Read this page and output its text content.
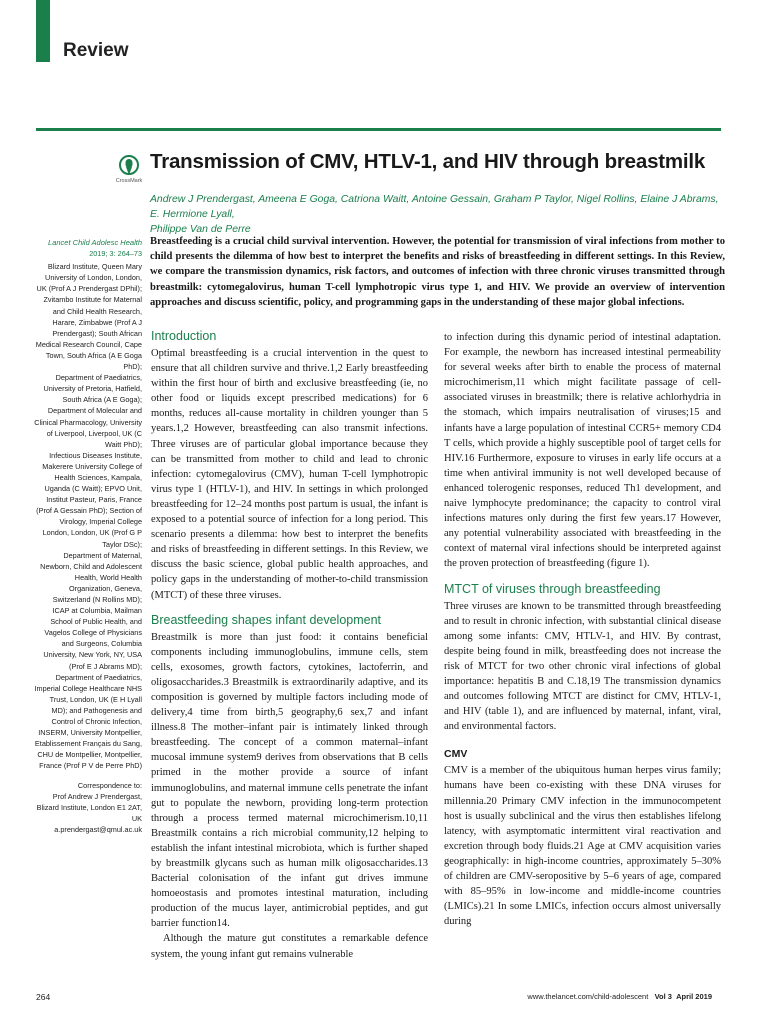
Review
CrossMark
Transmission of CMV, HTLV-1, and HIV through breastmilk
Andrew J Prendergast, Ameena E Goga, Catriona Waitt, Antoine Gessain, Graham P Taylor, Nigel Rollins, Elaine J Abrams, E. Hermione Lyall,
Philippe Van de Perre
Lancet Child Adolesc Health
2019; 3: 264–73
Blizard Institute, Queen Mary University of London, London, UK (Prof A J Prendergast DPhil);
Zvitambo Institute for Maternal and Child Health Research, Harare, Zimbabwe (Prof A J Prendergast); South African Medical Research Council, Cape Town, South Africa (A E Goga PhD);
Department of Paediatrics, University of Pretoria, Hatfield, South Africa (A E Goga);
Department of Molecular and Clinical Pharmacology, University of Liverpool, Liverpool, UK (C Waitt PhD);
Infectious Diseases Institute, Makerere University College of Health Sciences, Kampala, Uganda (C Waitt); EPVO Unit, Institut Pasteur, Paris, France (Prof A Gessain PhD); Section of Virology, Imperial College London, London, UK (Prof G P Taylor DSc);
Department of Maternal, Newborn, Child and Adolescent Health, World Health Organization, Geneva, Switzerland (N Rollins MD);
ICAP at Columbia, Mailman School of Public Health, and Vagelos College of Physicians and Surgeons, Columbia University, New York, NY, USA (Prof E J Abrams MD);
Department of Paediatrics, Imperial College Healthcare NHS Trust, London, UK (E H Lyall MD); and Pathogenesis and Control of Chronic Infection, INSERM, University Montpellier, Etablissement Français du Sang, CHU de Montpellier, Montpellier, France (Prof P V de Perre PhD)
Correspondence to:
Prof Andrew J Prendergast, Blizard Institute, London E1 2AT, UK
a.prendergast@qmul.ac.uk
Breastfeeding is a crucial child survival intervention. However, the potential for transmission of viral infections from mother to child presents the dilemma of how best to interpret the benefits and risks of breastfeeding in different settings. In this Review, we compare the transmission dynamics, risk factors, and outcomes of infection with three chronic viruses transmitted through breastmilk: cytomegalovirus, human T-cell lymphotropic virus type 1, and HIV. We provide an overview of intervention approaches and discuss scientific, policy, and programming gaps in the understanding of these major global infections.
Introduction

Optimal breastfeeding is a crucial intervention in the quest to ensure that all children survive and thrive.1,2 Early breastfeeding within the first hour of birth and exclusive breastfeeding (ie, no other food or liquids except prescribed medications) for 6 months, reduces all-cause mortality in children younger than 5 years.1,2 However, breastfeeding can also transmit infections. Three viruses are of particular global importance because they can be transmitted from mother to child and lead to chronic infection: cytomegalovirus (CMV), human T-cell lymphotropic virus type 1 (HTLV-1), and HIV. In settings in which prolonged breastfeeding for 12–24 months post partum is usual, the infant is exposed to a potential source of infection for a long period. This scenario presents a dilemma: how best to interpret the benefits and risks of breastfeeding in different settings. In this Review, we discuss the basic science, global public health approaches, and policy gaps in the understanding of mother-to-child transmission (MTCT) of these three viruses.

Breastfeeding shapes infant development

Breastmilk is more than just food: it contains beneficial components including immunoglobulins, immune cells, stem cells, exosomes, growth factors, cytokines, lactoferrin, and oligosaccharides.3 Breastmilk is extraordinarily adaptive, and its composition is governed by multiple factors including mode of delivery,4 time from birth,5 geography,6 sex,7 and infant illness.8 The mother–infant pair is intimately linked through breastfeeding. The concept of a common maternal–infant mucosal immune system9 derives from observations that B cells primed in the mother provide a source of infant immunoglobulins, and maternal immune cells penetrate the infant gut to populate the newborn, providing long-term protection through a process termed maternal microchimerism.10,11 Breastmilk contains a rich microbial community,12 helping to establish the infant intestinal microbiota, which is further shaped by breastmilk glycans such as human milk oligosaccharides.13 Bacterial colonisation of the infant gut drives immune homoeostasis and promotes intestinal maturation, including production of the mucus layer, antimicrobial peptides, and gut barrier function14.

Although the mature gut constitutes a remarkable defence system, the young infant gut remains vulnerable

to infection during this dynamic period of intestinal adaptation. For example, the newborn has increased intestinal permeability for several weeks after birth to enable the process of maternal microchimerism,11 which might facilitate passage of cell-associated viruses in breastmilk; there is relative achlorhydria in the stomach, which impairs neutralisation of viruses;15 and infants have a large population of intestinal CCR5+ memory CD4 T cells, which provide a highly susceptible pool of target cells for HIV.16 Furthermore, exposure to viruses in early life occurs at a time when antiviral immunity is not well developed because of enhanced tolerogenic responses, reduced Th1 development, and naive lymphocyte predominance; the capacity to control viral infections matures only during the first few years.17 However, any potential vulnerability associated with breastfeeding in the context of maternal viral infections should be interpreted against the proven protection of breastfeeding (figure 1).

MTCT of viruses through breastfeeding

Three viruses are known to be transmitted through breastfeeding and to result in chronic infection, with substantial clinical disease among some infants: CMV, HTLV-1, and HIV. By contrast, despite being found in milk, breastfeeding does not increase the risk of MTCT for two other chronic viral infections of global importance: hepatitis B and C.18,19 The transmission dynamics and outcomes following MTCT are distinct for CMV, HTLV-1, and HIV (table 1), and are influenced by maternal, infant, viral, and environmental factors.

CMV

CMV is a member of the ubiquitous human herpes virus family; humans have been co-existing with these DNA viruses for millennia.20 Primary CMV infection in the immunocompetent host is usually subclinical and the virus then establishes lifelong latency, with asymptomatic intermittent viral reactivation and excretion through body fluids.21 Age at CMV acquisition varies geographically: in high-income countries, approximately 5–30% of children are CMV-seropositive by 5–6 years of age, compared with 85–95% in low-income and middle-income countries (LMICs).21 In some LMICs, infection occurs almost universally during

264	www.thelancet.com/child-adolescent Vol 3 April 2019
